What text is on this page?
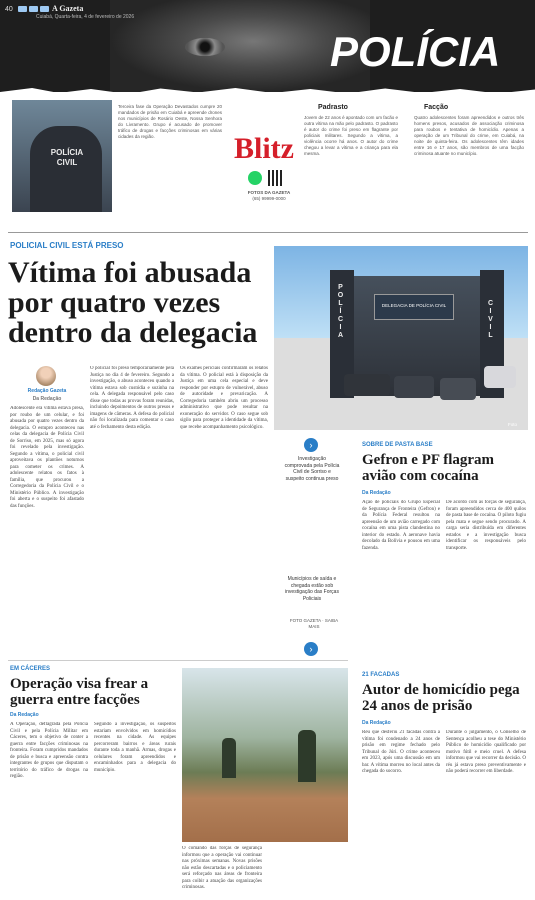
40	A Gazeta
Cuiabá, Quarta-feira, 4 de fevereiro de 2026
POLÍCIA
POLÍCIA CIVIL
Terceira fase da Operação Devastados cumpre 20 mandados de prisão em Cuiabá e apreende drones nos municípios de Rosário Oeste, Nossa Senhora do Livramento. Grupo é acusado de promover tráfico de drogas e facções criminosas em várias cidades da região.	Blitz
FOTOS DA GAZETA
(65) 99999-0000
Padrasto
Jovem de 22 anos é apontado com um facão e outra vítima na mão pelo padrasto. O padrasto é autor do crime foi preso em flagrante por policiais militares. Segundo a vítima, a violência ocorre há anos. O autor do crime chegou a levar a vítima e a criança para ela mesma.
Facção
Quatro adolescentes foram apreendidos e outros três homens presos, acusados de associação criminosa para roubos e tentativa de homicídio. Apenas a operação de um Tribunal do crime, em Cuiabá, na noite de quinta-feira. Os adolescentes têm idades entre 16 e 17 anos, são membros de uma facção criminosa atuante no município.
POLICIAL CIVIL ESTÁ PRESO
Vítima foi abusada por quatro vezes dentro da delegacia
Redação Gazeta
Da Redação
Adolescente era vítima estava presa, por roubo de um celular, e foi abusada por quatro vezes dentro da delegacia. O estupro aconteceu nas celas da delegacia de Polícia Civil de Sorriso, em 2025, mas só agora foi revelado pela investigação. Segundo a vítima, o policial civil aproveitava os plantões noturnos para cometer os crimes. A adolescente relatou os fatos à família, que procurou a Corregedoria da Polícia Civil e o Ministério Público. A investigação foi aberta e o suspeito foi afastado das funções.
O policial foi preso temporariamente pela Justiça no dia 4 de fevereiro. Segundo a investigação, o abuso aconteceu quando a vítima estava sob custódia e sozinha na cela. A delegada responsável pelo caso disse que todas as provas foram reunidas, incluindo depoimentos de outros presos e imagens de câmeras. A defesa do policial não foi localizada para comentar o caso até o fechamento desta edição.
Os exames periciais confirmaram os relatos da vítima. O policial está à disposição da Justiça em uma cela especial e deve responder por estupro de vulnerável, abuso de autoridade e prevaricação. A Corregedoria também abriu um processo administrativo que pode resultar na exoneração do servidor. O caso segue sob sigilo para proteger a identidade da vítima, que recebe acompanhamento psicológico.
POLÍCIA	CIVIL
DELEGACIA DE POLÍCIA CIVIL
Foto
›
Investigação comprovada pela Polícia Civil de Sorriso e suspeito continua preso
Municípios de saída e chegada estão sob investigação das Forças Policiais
FOTO GAZETA · SAIBA MAIS
›
SOBRE DE PASTA BASE
Gefron e PF flagram avião com cocaína
Da Redação
Ação de policiais do Grupo Especial de Segurança de Fronteira (Gefron) e da Polícia Federal resultou na apreensão de um avião carregado com cocaína em uma pista clandestina no interior do estado. A aeronave havia decolado da Bolívia e pousou em uma fazenda.
De acordo com as forças de segurança, foram apreendidos cerca de 400 quilos de pasta base de cocaína. O piloto fugiu pela mata e segue sendo procurado. A carga seria distribuída em diferentes estados e a investigação busca identificar os responsáveis pelo transporte.
EM CÁCERES
Operação visa frear a guerra entre facções
Da Redação
A Operação, deflagrada pela Polícia Civil e pela Polícia Militar em Cáceres, tem o objetivo de conter a guerra entre facções criminosas na fronteira. Foram cumpridos mandados de prisão e busca e apreensão contra integrantes de grupos que disputam o território do tráfico de drogas na região.
Segundo a investigação, os suspeitos estariam envolvidos em homicídios recentes na cidade. As equipes percorreram bairros e áreas rurais durante toda a manhã. Armas, drogas e celulares foram apreendidos e encaminhados para a delegacia do município.
O comando das forças de segurança informou que a operação vai continuar nas próximas semanas. Novas prisões não estão descartadas e o policiamento será reforçado nas áreas de fronteira para coibir a atuação das organizações criminosas.
21 FACADAS
Autor de homicídio pega 24 anos de prisão
Da Redação
Réu que desferiu 21 facadas contra a vítima foi condenado a 24 anos de prisão em regime fechado pelo Tribunal do Júri. O crime aconteceu em 2023, após uma discussão em um bar. A vítima morreu no local antes da chegada do socorro.
Durante o julgamento, o Conselho de Sentença acolheu a tese do Ministério Público de homicídio qualificado por motivo fútil e meio cruel. A defesa informou que vai recorrer da decisão. O réu já estava preso preventivamente e não poderá recorrer em liberdade.
